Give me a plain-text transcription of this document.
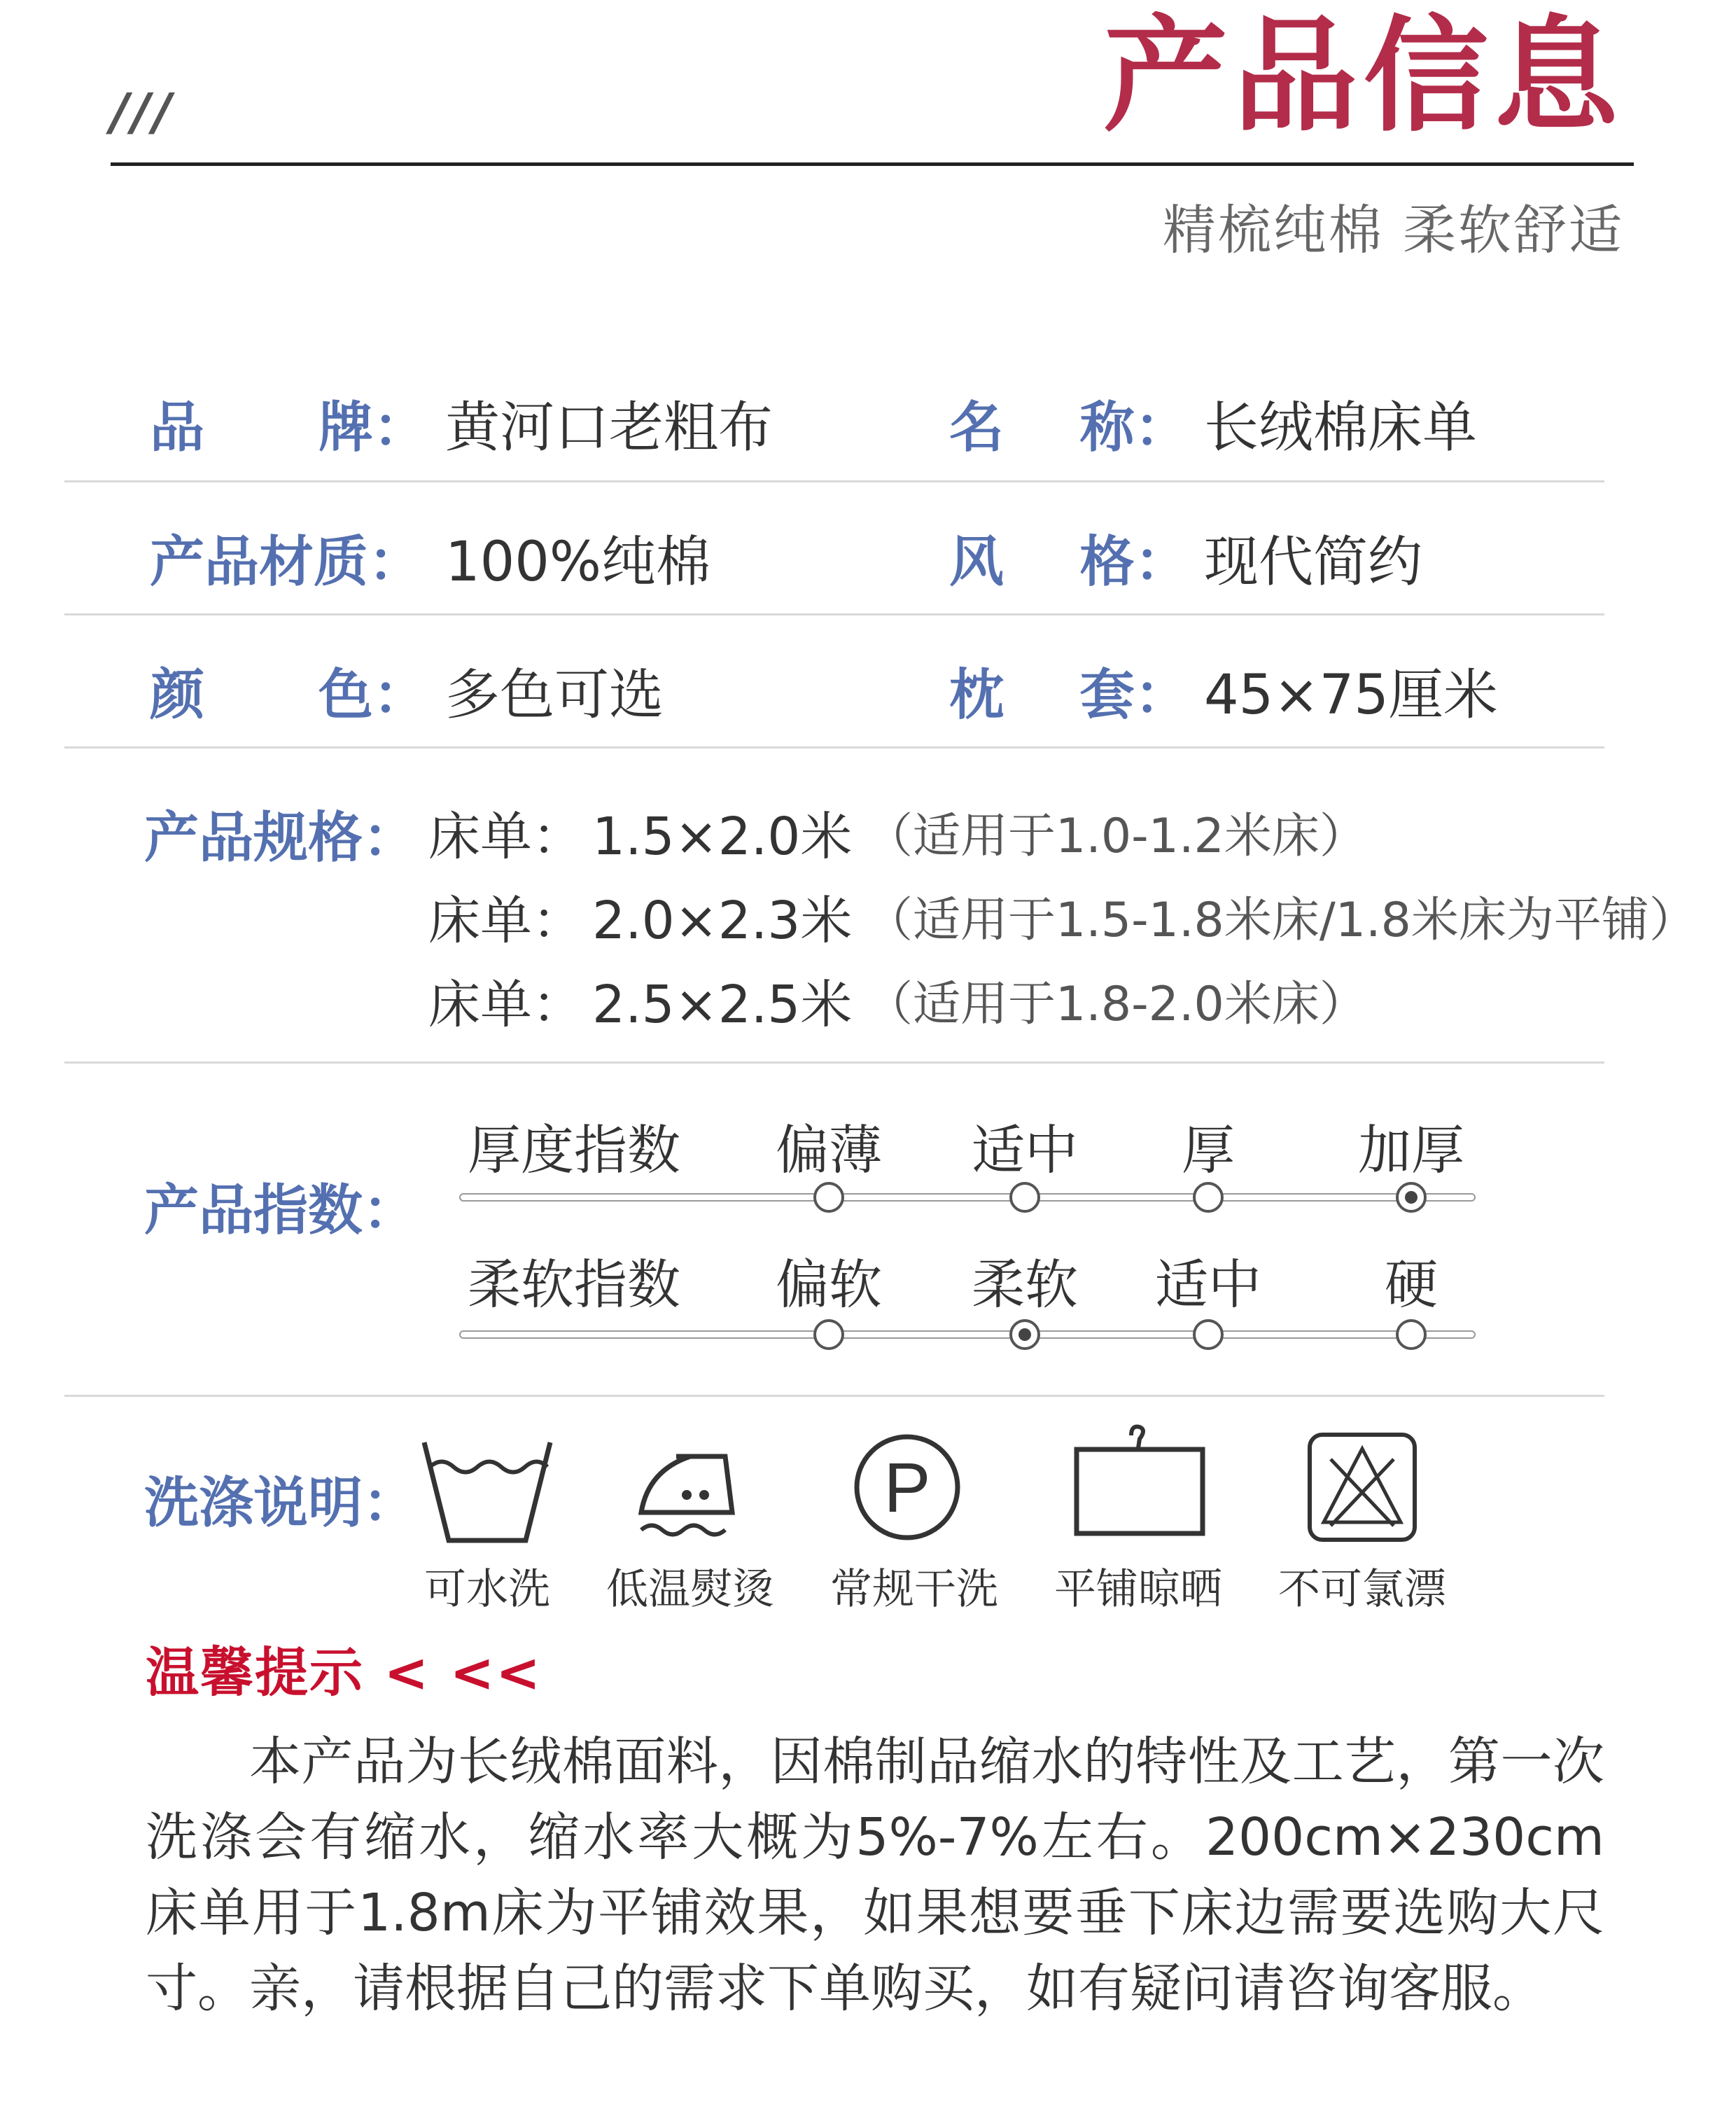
///	产品信息
精梳纯棉 柔软舒适
品      牌： 黄河口老粗布	名    称： 长绒棉床单
产品材质： 100%纯棉	风    格： 现代简约
颜      色： 多色可选	枕    套： 45×75厘米
产品规格： 床单： 1.5×2.0米 （适用于1.0-1.2米床）
床单： 2.0×2.3米 （适用于1.5-1.8米床/1.8米床为平铺）
床单： 2.5×2.5米 （适用于1.8-2.0米床）
产品指数：
厚度指数 偏薄 适中 厚 加厚
柔软指数 偏软 柔软 适中 硬
洗涤说明：	P
可水洗 低温熨烫 常规干洗 平铺晾晒 不可氯漂
温馨提示 < <<
本产品为长绒棉面料，因棉制品缩水的特性及工艺，第一次洗涤会有缩水，缩水率大概为5%-7%左右。200cm×230cm床单用于1.8m床为平铺效果，如果想要垂下床边需要选购大尺寸。亲，请根据自己的需求下单购买，如有疑问请咨询客服。
